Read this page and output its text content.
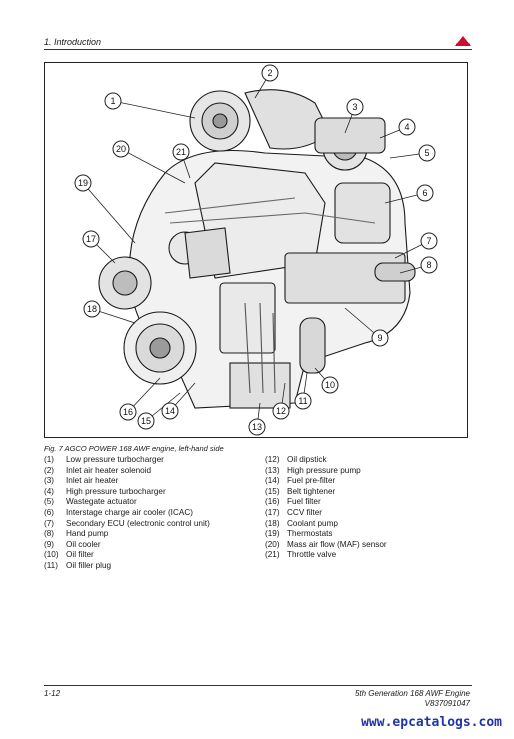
1. Introduction
1
2
3
4
5
6
7
8
9
10
11
12
13
14
15
16
17
18
19
20	21
Fig. 7 AGCO POWER 168 AWF engine, left-hand side
(1)	Low pressure turbocharger
(2)	Inlet air heater solenoid
(3)	Inlet air heater
(4)	High pressure turbocharger
(5)	Wastegate actuator
(6)	Interstage charge air cooler (ICAC)
(7)	Secondary ECU (electronic control unit)
(8)	Hand pump
(9)	Oil cooler
(10) Oil filter
(11) Oil filler plug
(12) Oil dipstick
(13) High pressure pump
(14) Fuel pre-filter
(15) Belt tightener
(16) Fuel filter
(17) CCV filter
(18) Coolant pump
(19) Thermostats
(20) Mass air flow (MAF) sensor
(21) Throttle valve
1-12	5th Generation 168 AWF Engine
V837091047
www.epcatalogs.com
